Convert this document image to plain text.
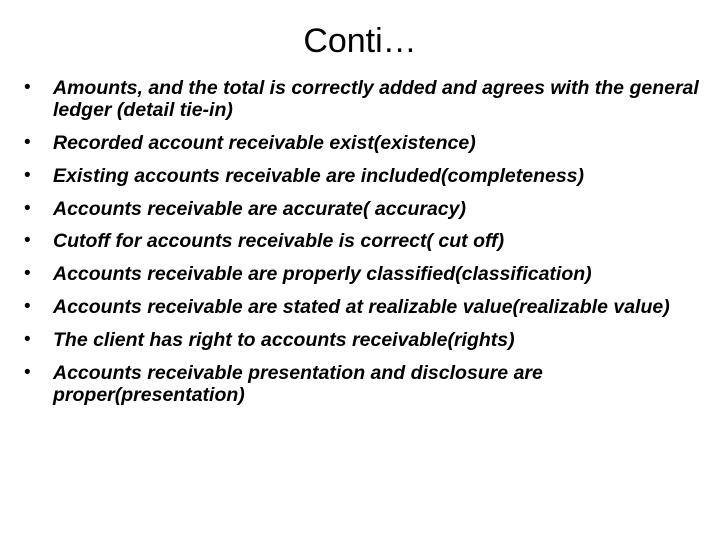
Conti…
• Amounts, and the total is correctly added and agrees with the general ledger (detail tie-in)
• Recorded account receivable exist(existence)
• Existing accounts receivable are included(completeness)
• Accounts receivable are accurate( accuracy)
• Cutoff for accounts receivable is correct( cut off)
• Accounts receivable are properly classified(classification)
• Accounts receivable are stated at realizable value(realizable value)
• The client has right to accounts receivable(rights)
• Accounts receivable presentation and disclosure are proper(presentation)
